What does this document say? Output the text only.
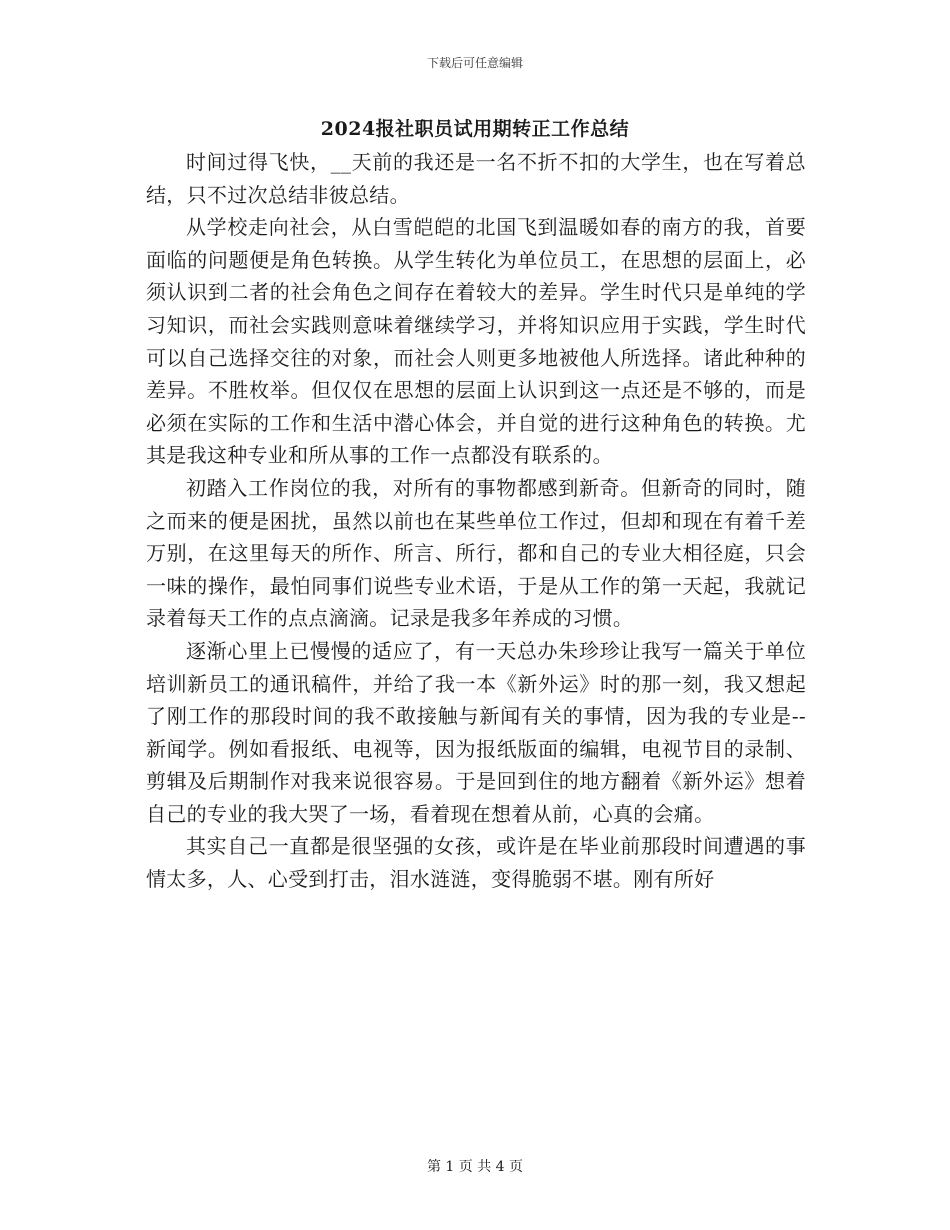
下载后可任意编辑
2024报社职员试用期转正工作总结

时间过得飞快，__天前的我还是一名不折不扣的大学生，也在写着总结，只不过次总结非彼总结。

从学校走向社会，从白雪皑皑的北国飞到温暖如春的南方的我，首要面临的问题便是角色转换。从学生转化为单位员工，在思想的层面上，必须认识到二者的社会角色之间存在着较大的差异。学生时代只是单纯的学习知识，而社会实践则意味着继续学习，并将知识应用于实践，学生时代可以自己选择交往的对象，而社会人则更多地被他人所选择。诸此种种的差异。不胜枚举。但仅仅在思想的层面上认识到这一点还是不够的，而是必须在实际的工作和生活中潜心体会，并自觉的进行这种角色的转换。尤其是我这种专业和所从事的工作一点都没有联系的。

初踏入工作岗位的我，对所有的事物都感到新奇。但新奇的同时，随之而来的便是困扰，虽然以前也在某些单位工作过，但却和现在有着千差万别，在这里每天的所作、所言、所行，都和自己的专业大相径庭，只会一味的操作，最怕同事们说些专业术语，于是从工作的第一天起，我就记录着每天工作的点点滴滴。记录是我多年养成的习惯。

逐渐心里上已慢慢的适应了，有一天总办朱珍珍让我写一篇关于单位培训新员工的通讯稿件，并给了我一本《新外运》时的那一刻，我又想起了刚工作的那段时间的我不敢接触与新闻有关的事情，因为我的专业是--新闻学。例如看报纸、电视等，因为报纸版面的编辑，电视节目的录制、剪辑及后期制作对我来说很容易。于是回到住的地方翻着《新外运》想着自己的专业的我大哭了一场，看着现在想着从前，心真的会痛。

其实自己一直都是很坚强的女孩，或许是在毕业前那段时间遭遇的事情太多，人、心受到打击，泪水涟涟，变得脆弱不堪。刚有所好

第 1 页 共 4 页
